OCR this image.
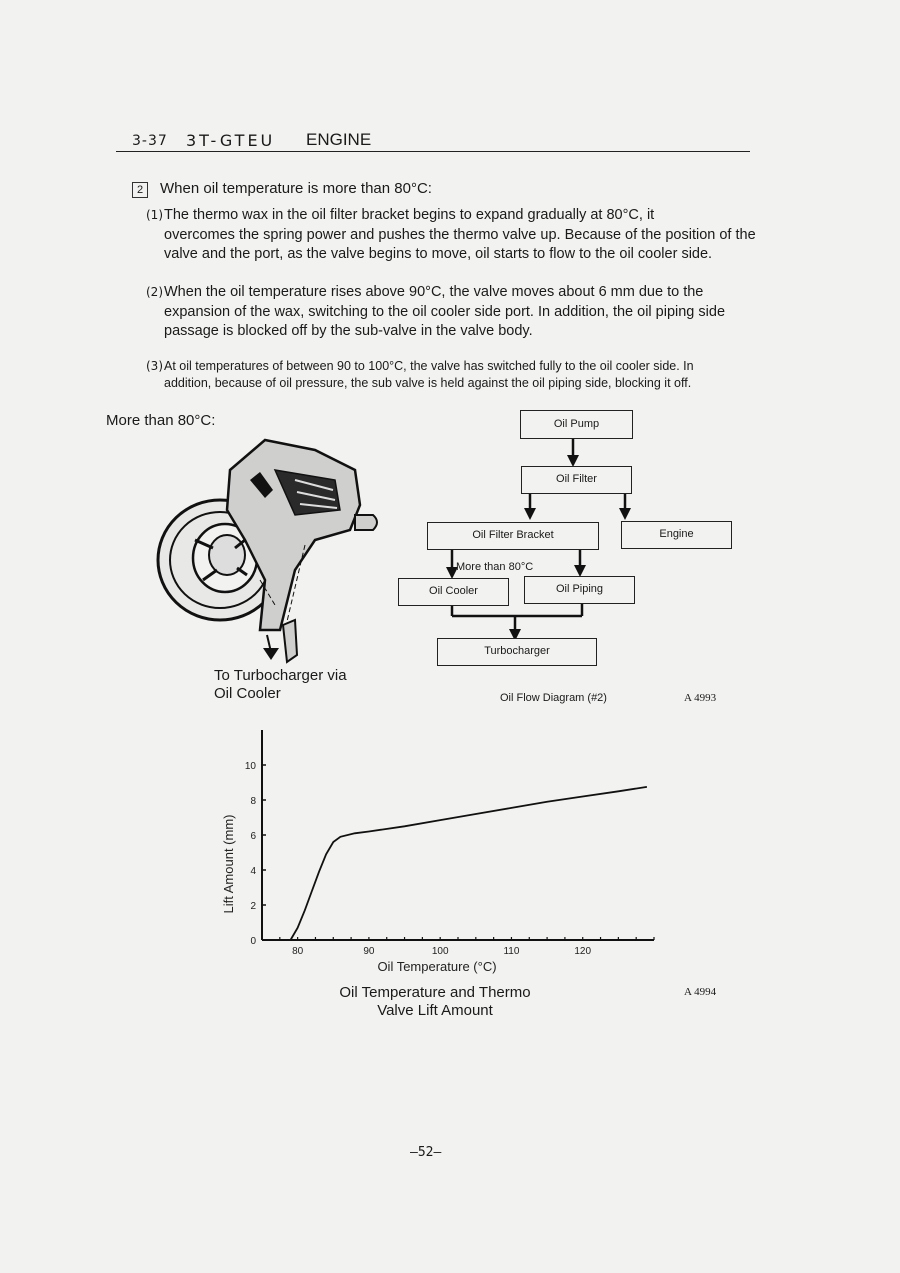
3-37 3T-GTEU ENGINE
2	When oil temperature is more than 80°C:
(1)The thermo wax in the oil filter bracket begins to expand gradually at 80°C, it
overcomes the spring power and pushes the thermo valve up. Because of the position of the valve and the port, as the valve begins to move, oil starts to flow to the oil cooler side.
(2)When the oil temperature rises above 90°C, the valve moves about 6 mm due to the
expansion of the wax, switching to the oil cooler side port. In addition, the oil piping side passage is blocked off by the sub-valve in the valve body.
(3)At oil temperatures of between 90 to 100°C, the valve has switched fully to the oil cooler side. In
addition, because of oil pressure, the sub valve is held against the oil piping side, blocking it off.
More than 80°C:
To Turbocharger via
Oil Cooler
Oil Pump
Oil Filter
Oil Filter Bracket	Engine
More than 80°C
Oil Cooler	Oil Piping
Turbocharger
Oil Flow Diagram (#2)	A 4993
0
2
4
6
8
10
80	90	100	110	120
Lift Amount (mm)
Oil Temperature (°C)
Oil Temperature and Thermo
Valve Lift Amount
A 4994
—52—
